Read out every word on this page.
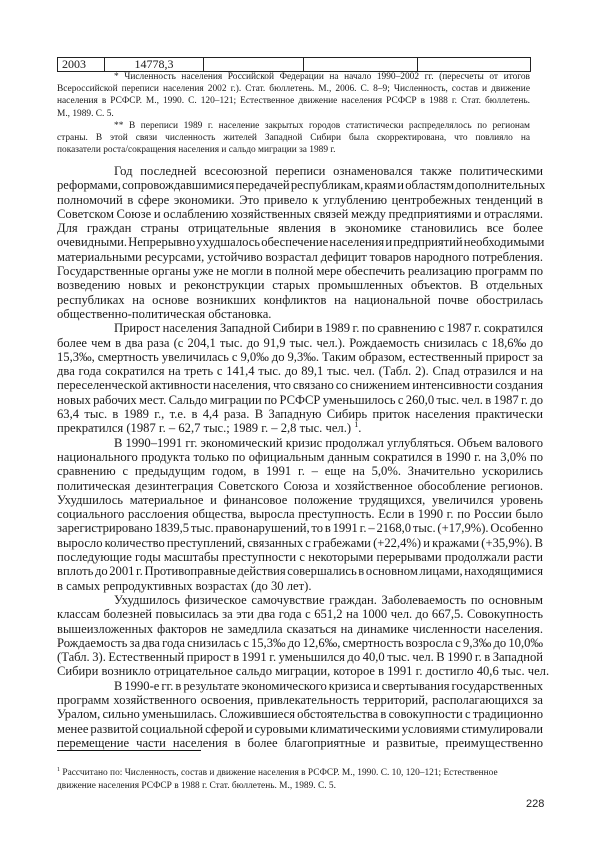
2003	14778,3			
* Численность населения Российской Федерации на начало 1990–2002 гг. (пересчеты от итогов
Всероссийской переписи населения 2002 г.). Стат. бюллетень. М., 2006. С. 8–9; Численность, состав и движение
населения в РСФСР. М., 1990. С. 120–121; Естественное движение населения РСФСР в 1988 г. Стат. бюллетень.
М., 1989. С. 5.
** В переписи 1989 г. население закрытых городов статистически распределялось по регионам
страны. В этой связи численность жителей Западной Сибири была скорректирована, что повлияло на
показатели роста/сокращения населения и сальдо миграции за 1989 г.
Год последней всесоюзной переписи ознаменовался также политическими
реформами, сопровождавшимися передачей республикам, краям и областям дополнительных
полномочий в сфере экономики. Это привело к углублению центробежных тенденций в
Советском Союзе и ослаблению хозяйственных связей между предприятиями и отраслями.
Для граждан страны отрицательные явления в экономике становились все более
очевидными. Непрерывно ухудшалось обеспечение населения и предприятий необходимыми
материальными ресурсами, устойчиво возрастал дефицит товаров народного потребления.
Государственные органы уже не могли в полной мере обеспечить реализацию программ по
возведению новых и реконструкции старых промышленных объектов. В отдельных
республиках на основе возникших конфликтов на национальной почве обострилась
общественно-политическая обстановка.
Прирост населения Западной Сибири в 1989 г. по сравнению с 1987 г. сократился
более чем в два раза (с 204,1 тыс. до 91,9 тыс. чел.). Рождаемость снизилась с 18,6‰ до
15,3‰, смертность увеличилась с 9,0‰ до 9,3‰. Таким образом, естественный прирост за
два года сократился на треть с 141,4 тыс. до 89,1 тыс. чел. (Табл. 2). Спад отразился и на
переселенческой активности населения, что связано со снижением интенсивности создания
новых рабочих мест. Сальдо миграции по РСФСР уменьшилось с 260,0 тыс. чел. в 1987 г. до
63,4 тыс. в 1989 г., т.е. в 4,4 раза. В Западную Сибирь приток населения практически
прекратился (1987 г. – 62,7 тыс.; 1989 г. – 2,8 тыс. чел.) $^1$.
В 1990–1991 гг. экономический кризис продолжал углубляться. Объем валового
национального продукта только по официальным данным сократился в 1990 г. на 3,0% по
сравнению с предыдущим годом, в 1991 г. – еще на 5,0%. Значительно ускорились
политическая дезинтеграция Советского Союза и хозяйственное обособление регионов.
Ухудшилось материальное и финансовое положение трудящихся, увеличился уровень
социального расслоения общества, выросла преступность. Если в 1990 г. по России было
зарегистрировано 1839,5 тыс. правонарушений, то в 1991 г. – 2168,0 тыс. (+17,9%). Особенно
выросло количество преступлений, связанных с грабежами (+22,4%) и кражами (+35,9%). В
последующие годы масштабы преступности с некоторыми перерывами продолжали расти
вплоть до 2001 г. Противоправные действия совершались в основном лицами, находящимися
в самых репродуктивных возрастах (до 30 лет).
Ухудшилось физическое самочувствие граждан. Заболеваемость по основным
классам болезней повысилась за эти два года с 651,2 на 1000 чел. до 667,5. Совокупность
вышеизложенных факторов не замедлила сказаться на динамике численности населения.
Рождаемость за два года снизилась с 15,3‰ до 12,6‰, смертность возросла с 9,3‰ до 10,0‰
(Табл. 3). Естественный прирост в 1991 г. уменьшился до 40,0 тыс. чел. В 1990 г. в Западной
Сибири возникло отрицательное сальдо миграции, которое в 1991 г. достигло 40,6 тыс. чел.
В 1990-е гг. в результате экономического кризиса и свертывания государственных
программ хозяйственного освоения, привлекательность территорий, располагающихся за
Уралом, сильно уменьшилась. Сложившиеся обстоятельства в совокупности с традиционно
менее развитой социальной сферой и суровыми климатическими условиями стимулировали
перемещение части населения в более благоприятные и развитые, преимущественно
$^1$ Рассчитано по: Численность, состав и движение населения в РСФСР. М., 1990. С. 10, 120–121; Естественное
движение населения РСФСР в 1988 г. Стат. бюллетень. М., 1989. С. 5.
228
